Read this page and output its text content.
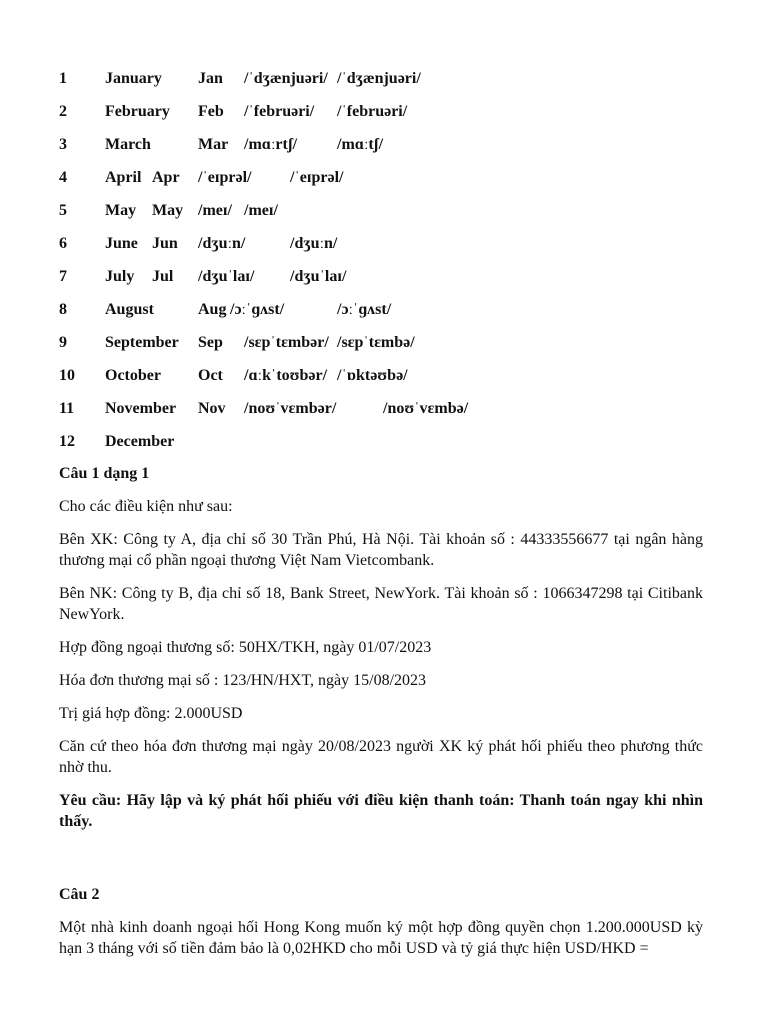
1 January Jan /ˈdʒænjuəri/ /ˈdʒænjuəri/
2 February Feb /ˈfebruəri/ /ˈfebruəri/
3 March	Mar /mɑːrtʃ/ /mɑːtʃ/
4 April Apr /ˈeɪprəl/ /ˈeɪprəl/
5 May May /meɪ/ /meɪ/
6 June Jun /dʒuːn/	/dʒuːn/
7 July Jul /dʒuˈlaɪ/ /dʒuˈlaɪ/
8 August	Aug /ɔːˈɡʌst/	/ɔːˈɡʌst/
9 September Sep /sɛpˈtɛmbər/ /sɛpˈtɛmbə/
10 October Oct /ɑːkˈtoʊbər/ /ˈɒktəʊbə/
11 November Nov /noʊˈvɛmbər/	/noʊˈvɛmbə/
12 December

Câu 1 dạng 1

Cho các điều kiện như sau:

Bên XK: Công ty A, địa chỉ số 30 Trần Phú, Hà Nội. Tài khoản số : 44333556677 tại ngân hàng thương mại cổ phần ngoại thương Việt Nam Vietcombank.

Bên NK: Công ty B, địa chỉ số 18, Bank Street, NewYork. Tài khoản số : 1066347298 tại Citibank NewYork.

Hợp đồng ngoại thương số: 50HX/TKH, ngày 01/07/2023

Hóa đơn thương mại số : 123/HN/HXT, ngày 15/08/2023

Trị giá hợp đồng: 2.000USD

Căn cứ theo hóa đơn thương mại ngày 20/08/2023 người XK ký phát hối phiếu theo phương thức nhờ thu.

Yêu cầu: Hãy lập và ký phát hối phiếu với điều kiện thanh toán: Thanh toán ngay khi nhìn thấy.

Câu 2

Một nhà kinh doanh ngoại hối Hong Kong muốn ký một hợp đồng quyền chọn 1.200.000USD kỳ hạn 3 tháng với số tiền đảm bảo là 0,02HKD cho mỗi USD và tỷ giá thực hiện USD/HKD =
